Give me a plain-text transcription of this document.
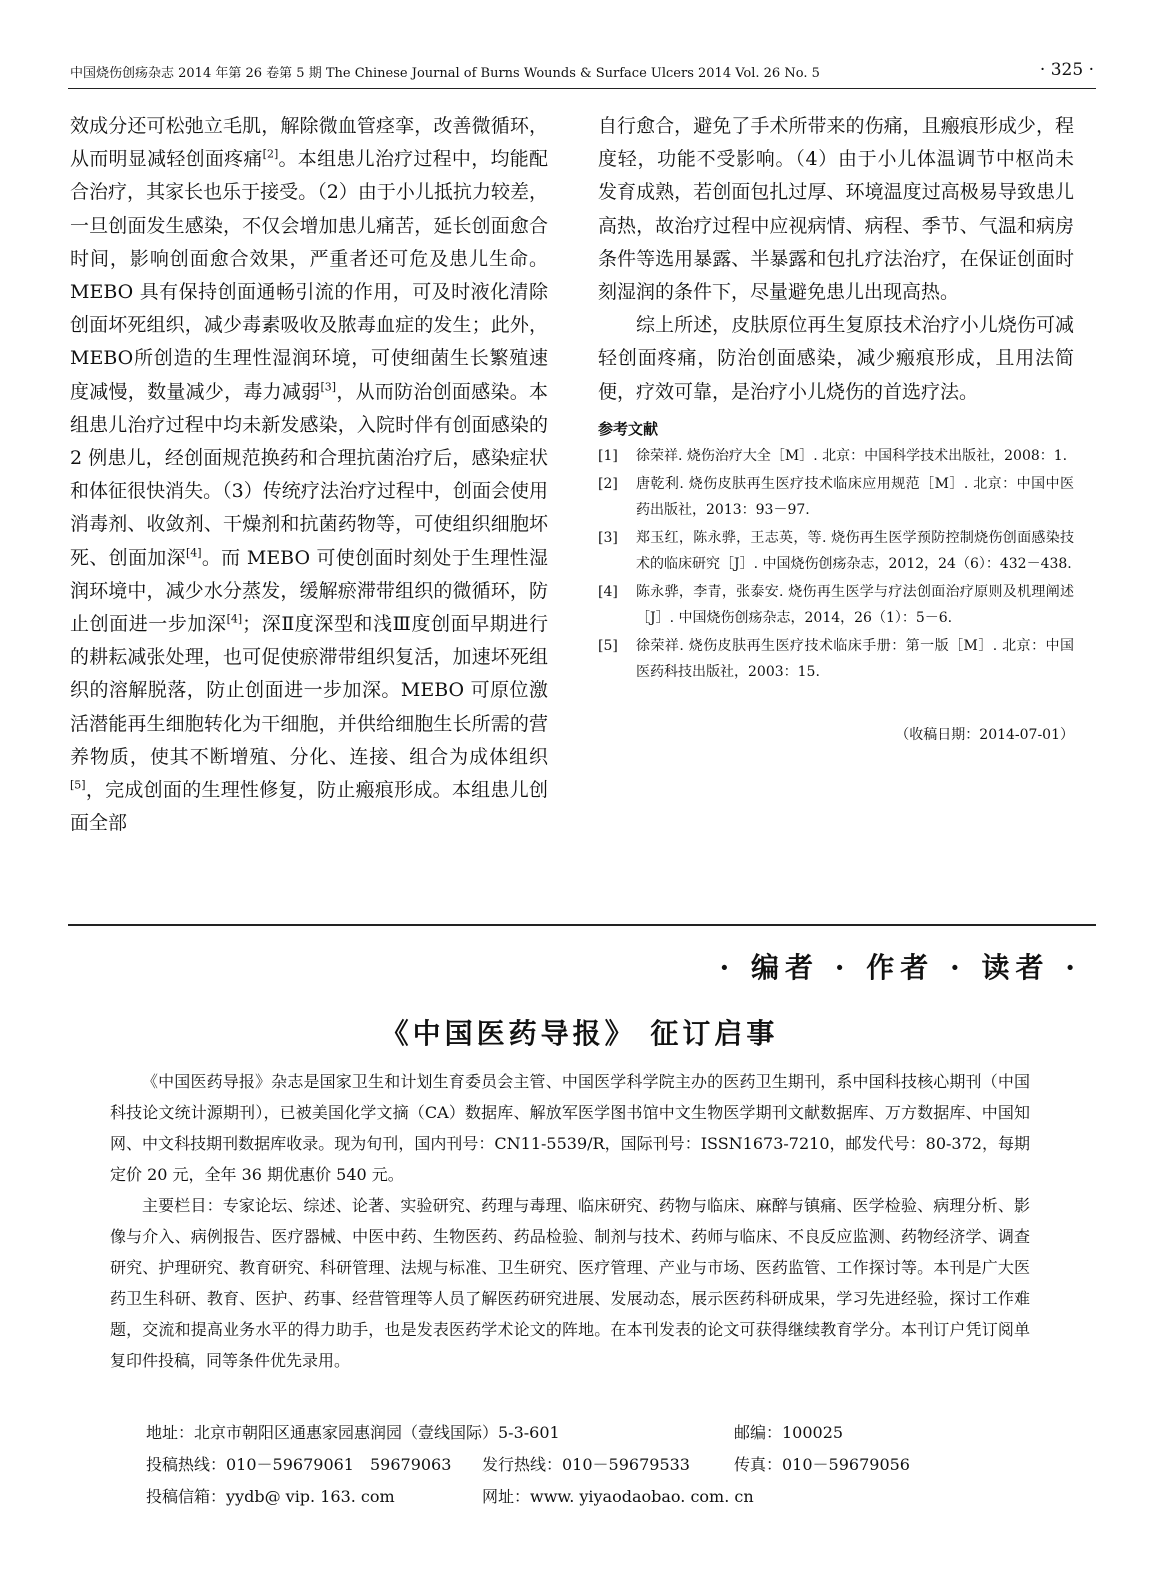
中国烧伤创疡杂志 2014 年第 26 卷第 5 期 The Chinese Journal of Burns Wounds & Surface Ulcers 2014 Vol. 26 No. 5	· 325 ·

效成分还可松弛立毛肌，解除微血管痉挛，改善微循环，从而明显减轻创面疼痛[2]。本组患儿治疗过程中，均能配合治疗，其家长也乐于接受。（2）由于小儿抵抗力较差，一旦创面发生感染，不仅会增加患儿痛苦，延长创面愈合时间，影响创面愈合效果，严重者还可危及患儿生命。MEBO 具有保持创面通畅引流的作用，可及时液化清除创面坏死组织，减少毒素吸收及脓毒血症的发生；此外，MEBO所创造的生理性湿润环境，可使细菌生长繁殖速度减慢，数量减少，毒力减弱[3]，从而防治创面感染。本组患儿治疗过程中均未新发感染，入院时伴有创面感染的 2 例患儿，经创面规范换药和合理抗菌治疗后，感染症状和体征很快消失。（3）传统疗法治疗过程中，创面会使用消毒剂、收敛剂、干燥剂和抗菌药物等，可使组织细胞坏死、创面加深[4]。而 MEBO 可使创面时刻处于生理性湿润环境中，减少水分蒸发，缓解瘀滞带组织的微循环，防止创面进一步加深[4]；深Ⅱ度深型和浅Ⅲ度创面早期进行的耕耘减张处理，也可促使瘀滞带组织复活，加速坏死组织的溶解脱落，防止创面进一步加深。MEBO 可原位激活潜能再生细胞转化为干细胞，并供给细胞生长所需的营养物质，使其不断增殖、分化、连接、组合为成体组织[5]，完成创面的生理性修复，防止瘢痕形成。本组患儿创面全部

自行愈合，避免了手术所带来的伤痛，且瘢痕形成少，程度轻，功能不受影响。（4）由于小儿体温调节中枢尚未发育成熟，若创面包扎过厚、环境温度过高极易导致患儿高热，故治疗过程中应视病情、病程、季节、气温和病房条件等选用暴露、半暴露和包扎疗法治疗，在保证创面时刻湿润的条件下，尽量避免患儿出现高热。

综上所述，皮肤原位再生复原技术治疗小儿烧伤可减轻创面疼痛，防治创面感染，减少瘢痕形成，且用法简便，疗效可靠，是治疗小儿烧伤的首选疗法。

参考文献
[1]	徐荣祥. 烧伤治疗大全［M］. 北京：中国科学技术出版社，2008：1.
[2]	唐乾利. 烧伤皮肤再生医疗技术临床应用规范［M］. 北京：中国中医药出版社，2013：93－97.
[3]	郑玉红，陈永骅，王志英，等. 烧伤再生医学预防控制烧伤创面感染技术的临床研究［J］. 中国烧伤创疡杂志，2012，24（6）：432－438.
[4]	陈永骅，李青，张泰安. 烧伤再生医学与疗法创面治疗原则及机理阐述［J］. 中国烧伤创疡杂志，2014，26（1）：5－6.
[5]	徐荣祥. 烧伤皮肤再生医疗技术临床手册：第一版［M］. 北京：中国医药科技出版社，2003：15.
（收稿日期：2014-07-01）
· 编者 · 作者 · 读者 ·
《中国医药导报》 征订启事

《中国医药导报》杂志是国家卫生和计划生育委员会主管、中国医学科学院主办的医药卫生期刊，系中国科技核心期刊（中国科技论文统计源期刊），已被美国化学文摘（CA）数据库、解放军医学图书馆中文生物医学期刊文献数据库、万方数据库、中国知网、中文科技期刊数据库收录。现为旬刊，国内刊号：CN11-5539/R，国际刊号：ISSN1673-7210，邮发代号：80-372，每期定价 20 元，全年 36 期优惠价 540 元。

主要栏目：专家论坛、综述、论著、实验研究、药理与毒理、临床研究、药物与临床、麻醉与镇痛、医学检验、病理分析、影像与介入、病例报告、医疗器械、中医中药、生物医药、药品检验、制剂与技术、药师与临床、不良反应监测、药物经济学、调查研究、护理研究、教育研究、科研管理、法规与标准、卫生研究、医疗管理、产业与市场、医药监管、工作探讨等。本刊是广大医药卫生科研、教育、医护、药事、经营管理等人员了解医药研究进展、发展动态，展示医药科研成果，学习先进经验，探讨工作难题，交流和提高业务水平的得力助手，也是发表医药学术论文的阵地。在本刊发表的论文可获得继续教育学分。本刊订户凭订阅单复印件投稿，同等条件优先录用。

地址：北京市朝阳区通惠家园惠润园（壹线国际）5-3-601	邮编：100025
投稿热线：010－59679061　59679063 发行热线：010－59679533	传真：010－59679056
投稿信箱：yydb@ vip. 163. com	网址：www. yiyaodaobao. com. cn
